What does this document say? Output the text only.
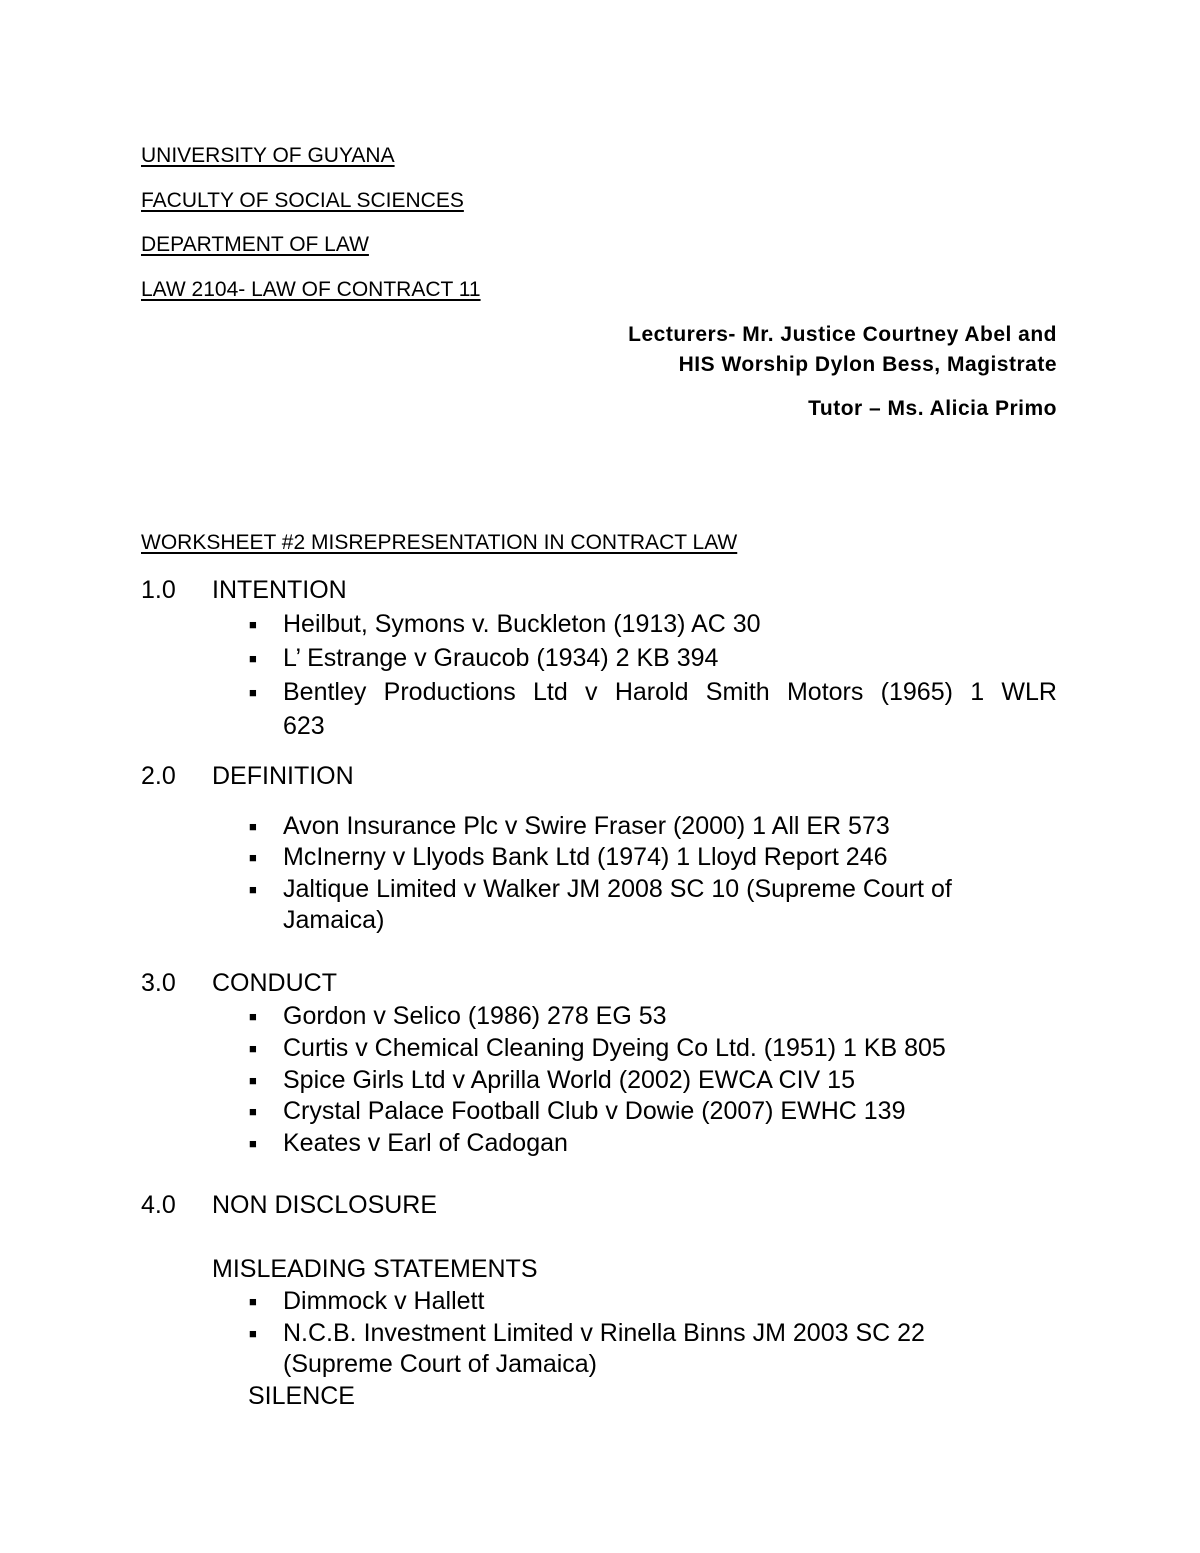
UNIVERSITY OF GUYANA
FACULTY OF SOCIAL SCIENCES
DEPARTMENT OF LAW
LAW 2104- LAW OF CONTRACT 11
Lecturers- Mr. Justice Courtney Abel and
HIS Worship Dylon Bess, Magistrate
Tutor – Ms. Alicia Primo
WORKSHEET #2 MISREPRESENTATION IN CONTRACT LAW
1.0 INTENTION
■ Heilbut, Symons v. Buckleton (1913) AC 30
■ L’ Estrange v Graucob (1934) 2 KB 394
■ Bentley Productions Ltd v Harold Smith Motors (1965) 1 WLR
623
2.0 DEFINITION
■ Avon Insurance Plc v Swire Fraser (2000) 1 All ER 573
■ McInerny v Llyods Bank Ltd (1974) 1 Lloyd Report 246
■ Jaltique Limited v Walker JM 2008 SC 10 (Supreme Court of
Jamaica)
3.0 CONDUCT
■ Gordon v Selico (1986) 278 EG 53
■ Curtis v Chemical Cleaning Dyeing Co Ltd. (1951) 1 KB 805
■ Spice Girls Ltd v Aprilla World (2002) EWCA CIV 15
■ Crystal Palace Football Club v Dowie (2007) EWHC 139
■ Keates v Earl of Cadogan
4.0 NON DISCLOSURE
MISLEADING STATEMENTS
■ Dimmock v Hallett
■ N.C.B. Investment Limited v Rinella Binns JM 2003 SC 22
(Supreme Court of Jamaica)
SILENCE
